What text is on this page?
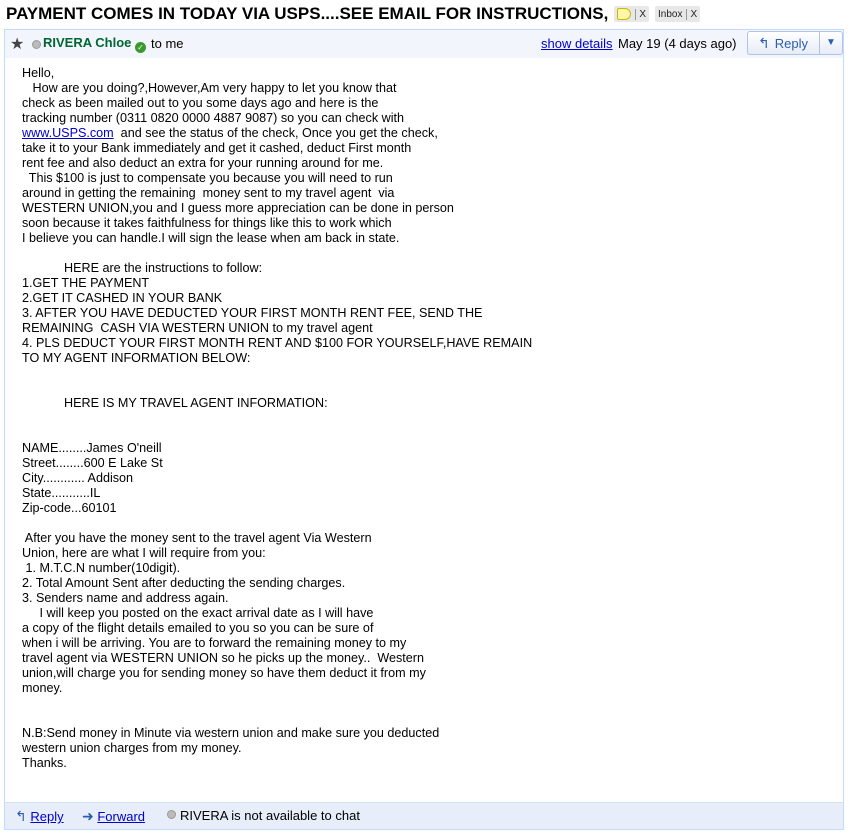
PAYMENT COMES IN TODAY VIA USPS....SEE EMAIL FOR INSTRUCTIONS,	X Inbox X
★ RIVERA Chloe ✓ to me	show details May 19 (4 days ago) ↰ Reply	▼
Hello,
How are you doing?,However,Am very happy to let you know that
check as been mailed out to you some days ago and here is the
tracking number (0311 0820 0000 4887 9087) so you can check with
www.USPS.com  and see the status of the check, Once you get the check,
take it to your Bank immediately and get it cashed, deduct First month
rent fee and also deduct an extra for your running around for me.
This $100 is just to compensate you because you will need to run
around in getting the remaining  money sent to my travel agent  via
WESTERN UNION,you and I guess more appreciation can be done in person
soon because it takes faithfulness for things like this to work which
I believe you can handle.I will sign the lease when am back in state.
HERE are the instructions to follow:
1.GET THE PAYMENT
2.GET IT CASHED IN YOUR BANK
3. AFTER YOU HAVE DEDUCTED YOUR FIRST MONTH RENT FEE, SEND THE
REMAINING  CASH VIA WESTERN UNION to my travel agent
4. PLS DEDUCT YOUR FIRST MONTH RENT AND $100 FOR YOURSELF,HAVE REMAIN
TO MY AGENT INFORMATION BELOW:
HERE IS MY TRAVEL AGENT INFORMATION:
NAME........James O'neill
Street........600 E Lake St
City............ Addison
State...........IL
Zip-code...60101
After you have the money sent to the travel agent Via Western
Union, here are what I will require from you:
1. M.T.C.N number(10digit).
2. Total Amount Sent after deducting the sending charges.
3. Senders name and address again.
I will keep you posted on the exact arrival date as I will have
a copy of the flight details emailed to you so you can be sure of
when i will be arriving. You are to forward the remaining money to my
travel agent via WESTERN UNION so he picks up the money..  Western
union,will charge you for sending money so have them deduct it from my
money.
N.B:Send money in Minute via western union and make sure you deducted
western union charges from my money.
Thanks.
↰ Reply ➜ Forward	RIVERA is not available to chat
